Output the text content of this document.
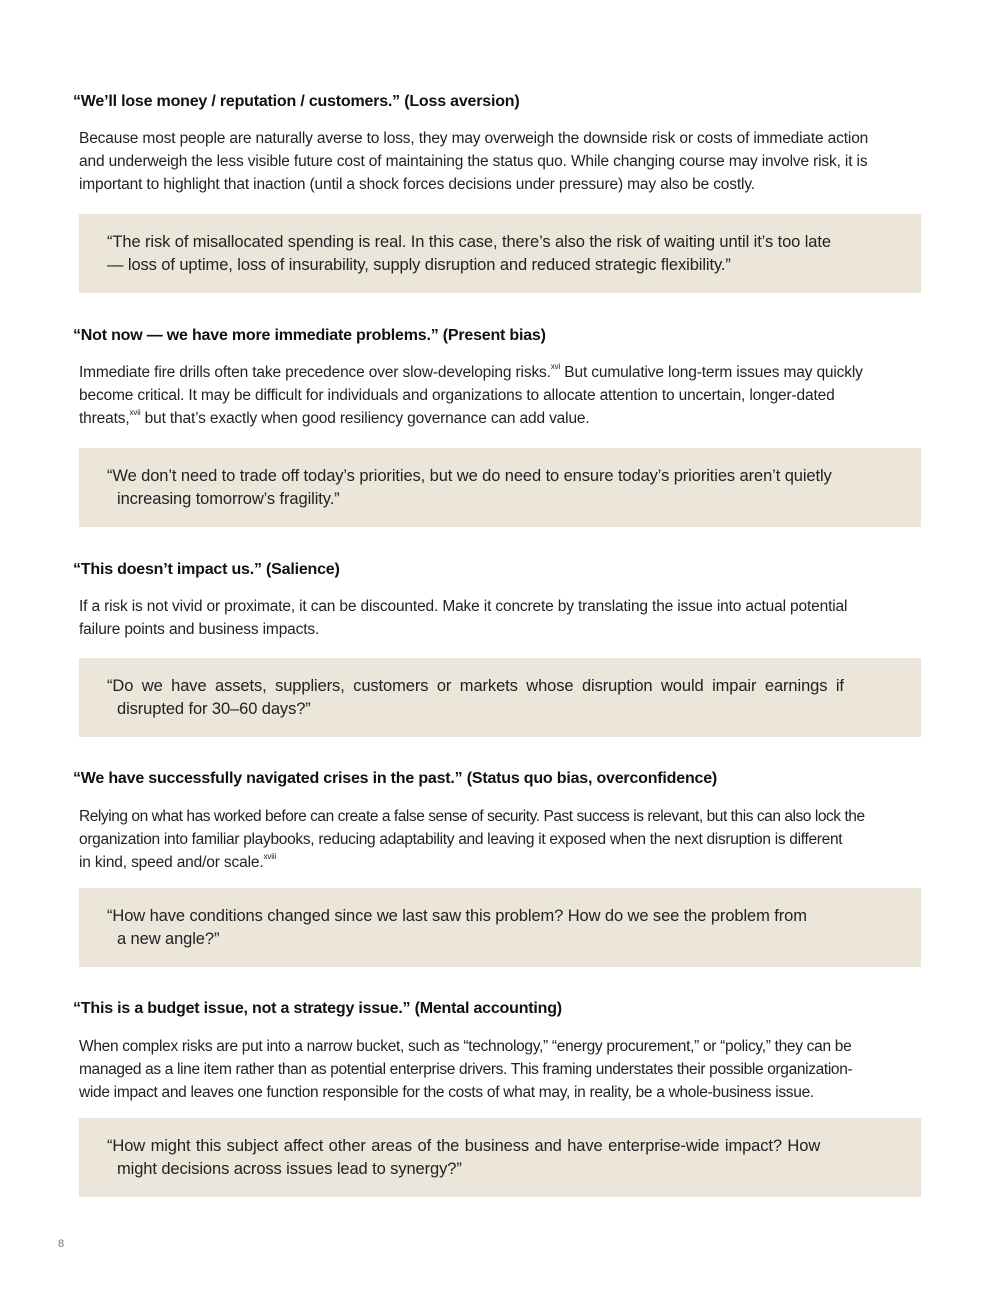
“We’ll lose money / reputation / customers.” (Loss aversion)
Because most people are naturally averse to loss, they may overweigh the downside risk or costs of immediate action
and underweigh the less visible future cost of maintaining the status quo. While changing course may involve risk, it is
important to highlight that inaction (until a shock forces decisions under pressure) may also be costly.
“The risk of misallocated spending is real. In this case, there’s also the risk of waiting until it’s too late
— loss of uptime, loss of insurability, supply disruption and reduced strategic flexibility.”
“Not now — we have more immediate problems.” (Present bias)
Immediate fire drills often take precedence over slow-developing risks.$^{xvi}$ But cumulative long-term issues may quickly
become critical. It may be difficult for individuals and organizations to allocate attention to uncertain, longer-dated
threats,$^{xvii}$ but that’s exactly when good resiliency governance can add value.
“We don’t need to trade off today’s priorities, but we do need to ensure today’s priorities aren’t quietly
increasing tomorrow’s fragility.”
“This doesn’t impact us.” (Salience)
If a risk is not vivid or proximate, it can be discounted. Make it concrete by translating the issue into actual potential
failure points and business impacts.
“Do we have assets, suppliers, customers or markets whose disruption would impair earnings if
disrupted for 30–60 days?”
“We have successfully navigated crises in the past.” (Status quo bias, overconfidence)
Relying on what has worked before can create a false sense of security. Past success is relevant, but this can also lock the
organization into familiar playbooks, reducing adaptability and leaving it exposed when the next disruption is different
in kind, speed and/or scale.$^{xviii}$
“How have conditions changed since we last saw this problem? How do we see the problem from
a new angle?”
“This is a budget issue, not a strategy issue.” (Mental accounting)
When complex risks are put into a narrow bucket, such as “technology,” “energy procurement,” or “policy,” they can be
managed as a line item rather than as potential enterprise drivers. This framing understates their possible organization-
wide impact and leaves one function responsible for the costs of what may, in reality, be a whole-business issue.
“How might this subject affect other areas of the business and have enterprise-wide impact? How
might decisions across issues lead to synergy?”
8
